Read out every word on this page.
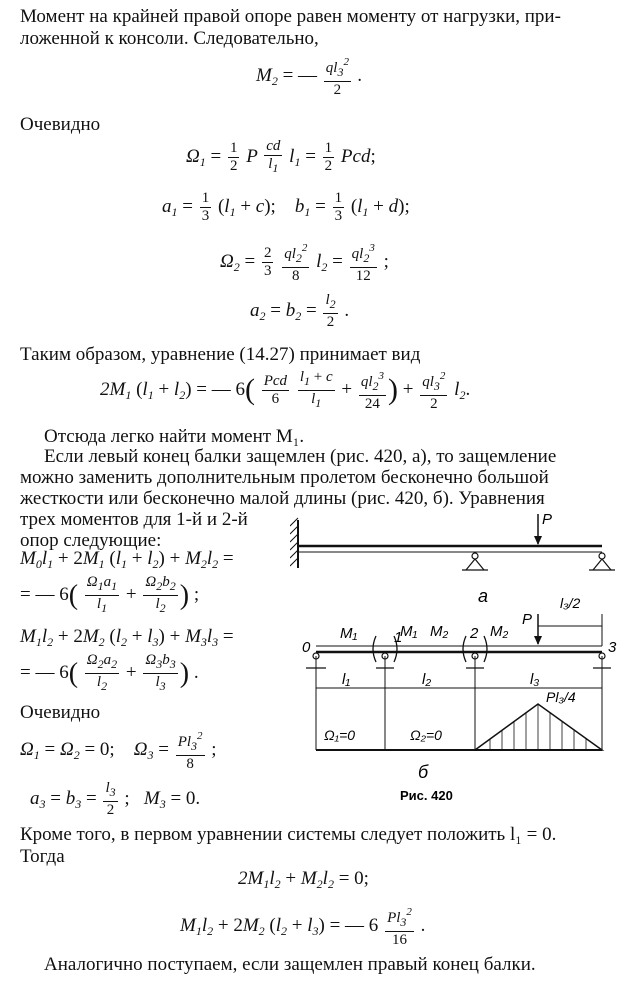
Момент на крайней правой опоре равен моменту от нагрузки, при-
ложенной к консоли. Следовательно,
$M_2$ = — $\frac{ql_3^2}{2}$ .
Очевидно
$\Omega_1 = \frac{1}{2}$ P $\frac{cd}{l_1} l_1 = \frac{1}{2}$ Pcd;
$a_1 = \frac{1}{3} (l_1 + c)$;    $b_1 = \frac{1}{3} (l_1 + d)$;
$\Omega_2 = \frac{2}{3}$
$\frac{ql_2^2}{8} l_2 = \frac{ql_2^3}{12}$ ;
$a_2 = b_2 = \frac{l_2}{2}$ .
Таким образом, уравнение (14.27) принимает вид
$2M_1$ $(l_1 + l_2)$ = — $6( \frac{\text{Pcd}}{6}$
$\frac{l_1 + c}{l_1} + \frac{ql_2^3}{24}$ ) + $\frac{ql_3^2}{2} l_2$.
Отсюда легко найти момент M₁.
Если левый конец балки защемлен (рис. 420, а), то защемление
можно заменить дополнительным пролетом бесконечно большой
жесткости или бесконечно малой длины (рис. 420, б). Уравнения
трех моментов для 1-й и 2-й
опор следующие:
$M_0l_1 + 2M_1$ $(l_1 + l_2) + M_2l_2$ =
= — $6( \frac{\Omega_1a_1}{l_1} + \frac{\Omega_2b_2}{l_2}$ ) ;
$M_1l_2 + 2M_2$ $(l_2 + l_3) + M_3l_3$ =
= — $6( \frac{\Omega_2a_2}{l_2} + \frac{\Omega_3b_3}{l_3}$ ) .
Очевидно
$\Omega_1 = \Omega_2 = 0$;    $\Omega_3 = \frac{Pl_3^2}{8}$ ;
$a_3 = b_3 = \frac{l_3}{2}$ ;   $M_3 = 0$.
P
а
0
1	2
3
M₁	M₁ M₂	M₂
P
l₃/2
l₁	l₂	l₃
Ω₁=0	Ω₂=0
Pl₃/4
б
Рис. 420
Кроме того, в первом уравнении системы следует положить l₁ = 0.
Тогда
$2M_1l_2 + M_2l_2 = 0$;
$M_1l_2 + 2M_2$ $(l_2 + l_3)$ = — $6 \frac{Pl_3^2}{16}$ .
Аналогично поступаем, если защемлен правый конец балки.
